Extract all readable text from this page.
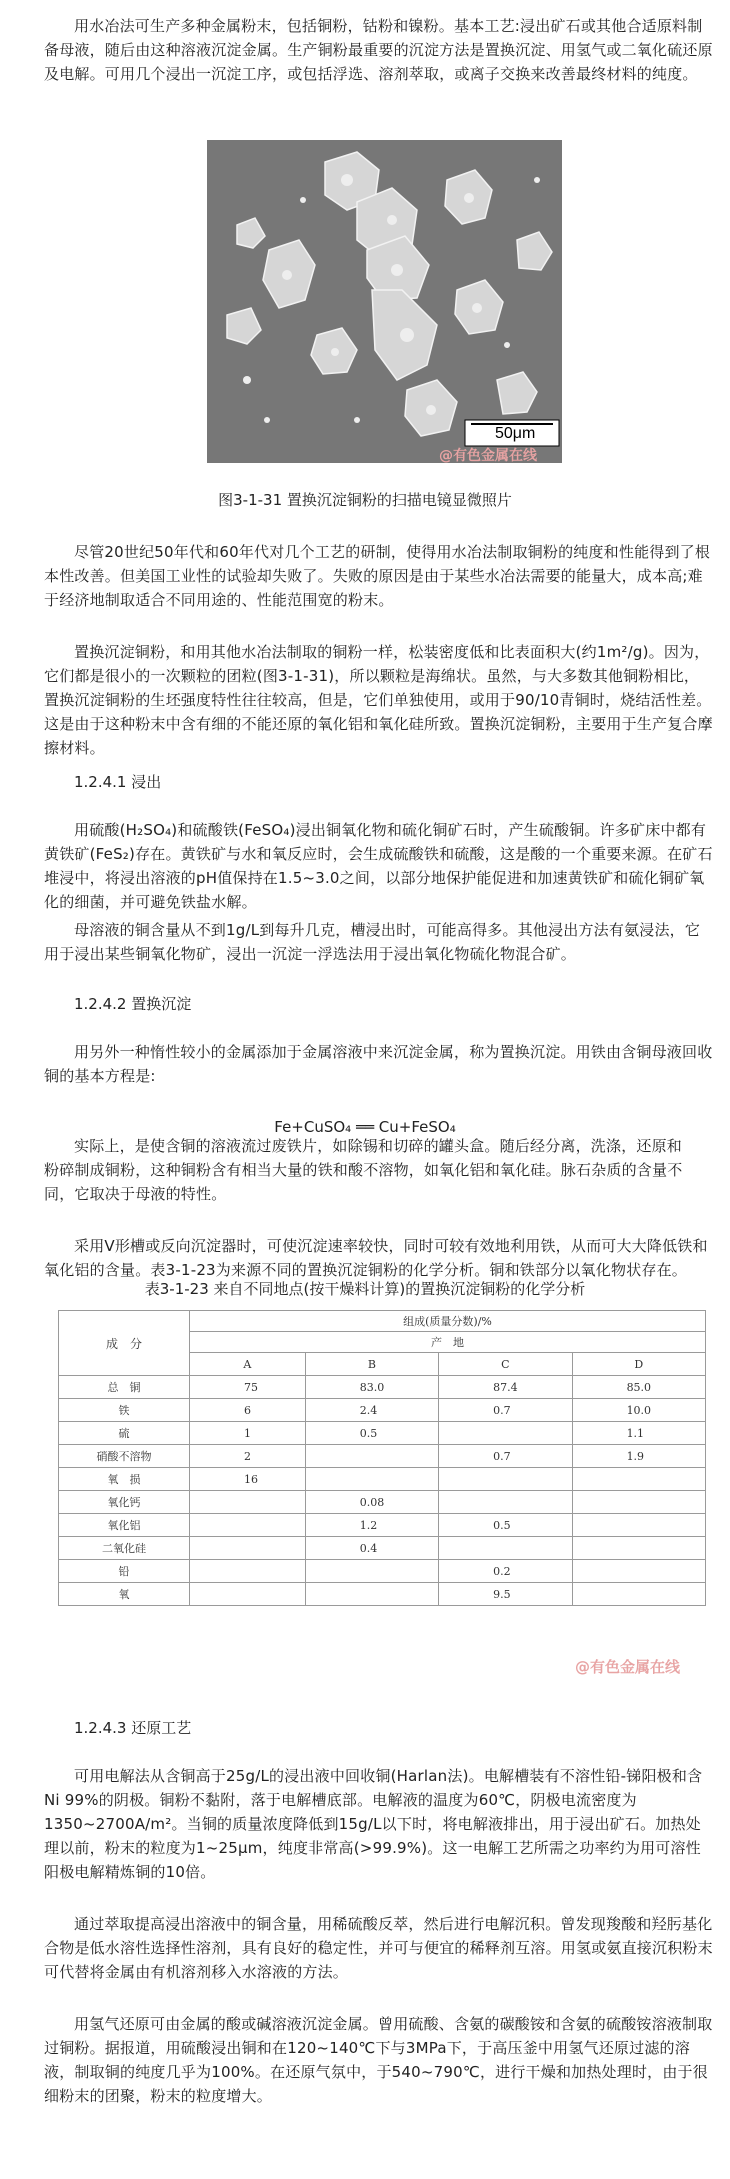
用水冶法可生产多种金属粉末，包括铜粉，钴粉和镍粉。基本工艺:浸出矿石或其他合适原料制备母液，随后由这种溶液沉淀金属。生产铜粉最重要的沉淀方法是置换沉淀、用氢气或二氧化硫还原及电解。可用几个浸出一沉淀工序，或包括浮选、溶剂萃取，或离子交换来改善最终材料的纯度。

50μm
@有色金属在线

图3-1-31 置换沉淀铜粉的扫描电镜显微照片

尽管20世纪50年代和60年代对几个工艺的研制，使得用水冶法制取铜粉的纯度和性能得到了根本性改善。但美国工业性的试验却失败了。失败的原因是由于某些水冶法需要的能量大，成本高;难于经济地制取适合不同用途的、性能范围宽的粉末。

置换沉淀铜粉，和用其他水冶法制取的铜粉一样，松装密度低和比表面积大(约1m²/g)。因为，它们都是很小的一次颗粒的团粒(图3-1-31)，所以颗粒是海绵状。虽然，与大多数其他铜粉相比，置换沉淀铜粉的生坯强度特性往往较高，但是，它们单独使用，或用于90/10青铜时，烧结活性差。这是由于这种粉末中含有细的不能还原的氧化铝和氧化硅所致。置换沉淀铜粉，主要用于生产复合摩擦材料。

1.2.4.1 浸出

用硫酸(H₂SO₄)和硫酸铁(FeSO₄)浸出铜氧化物和硫化铜矿石时，产生硫酸铜。许多矿床中都有黄铁矿(FeS₂)存在。黄铁矿与水和氧反应时，会生成硫酸铁和硫酸，这是酸的一个重要来源。在矿石堆浸中，将浸出溶液的pH值保持在1.5~3.0之间，以部分地保护能促进和加速黄铁矿和硫化铜矿氧化的细菌，并可避免铁盐水解。

母溶液的铜含量从不到1g/L到每升几克，槽浸出时，可能高得多。其他浸出方法有氨浸法，它用于浸出某些铜氧化物矿，浸出一沉淀一浮选法用于浸出氧化物硫化物混合矿。

1.2.4.2 置换沉淀

用另外一种惰性较小的金属添加于金属溶液中来沉淀金属，称为置换沉淀。用铁由含铜母液回收铜的基本方程是:

Fe+CuSO₄ ══ Cu+FeSO₄

实际上，是使含铜的溶液流过废铁片，如除锡和切碎的罐头盒。随后经分离，洗涤，还原和粉碎制成铜粉，这种铜粉含有相当大量的铁和酸不溶物，如氧化铝和氧化硅。脉石杂质的含量不同，它取决于母液的特性。

采用V形槽或反向沉淀器时，可使沉淀速率较快，同时可较有效地利用铁，从而可大大降低铁和氧化铝的含量。表3-1-23为来源不同的置换沉淀铜粉的化学分析。铜和铁部分以氧化物状存在。

表3-1-23 来自不同地点(按干燥料计算)的置换沉淀铜粉的化学分析

成　分	组成(质量分数)/%			
	产　地			
	A	B	C	D
总　铜	75	83.0	87.4	85.0
铁	6	2.4	0.7	10.0
硫	1	0.5		1.1
硝酸不溶物	2		0.7	1.9
氧　损	16			
氧化钙		0.08		
氧化铝		1.2	0.5	
二氧化硅		0.4		
铅			0.2	
氧			9.5	
@有色金属在线

1.2.4.3 还原工艺

可用电解法从含铜高于25g/L的浸出液中回收铜(Harlan法)。电解槽装有不溶性铅-锑阳极和含Ni 99%的阴极。铜粉不黏附，落于电解槽底部。电解液的温度为60℃，阴极电流密度为1350~2700A/m²。当铜的质量浓度降低到15g/L以下时，将电解液排出，用于浸出矿石。加热处理以前，粉末的粒度为1~25μm，纯度非常高(>99.9%)。这一电解工艺所需之功率约为用可溶性阳极电解精炼铜的10倍。

通过萃取提高浸出溶液中的铜含量，用稀硫酸反萃，然后进行电解沉积。曾发现羧酸和羟肟基化合物是低水溶性选择性溶剂，具有良好的稳定性，并可与便宜的稀释剂互溶。用氢或氨直接沉积粉末可代替将金属由有机溶剂移入水溶液的方法。

用氢气还原可由金属的酸或碱溶液沉淀金属。曾用硫酸、含氨的碳酸铵和含氨的硫酸铵溶液制取过铜粉。据报道，用硫酸浸出铜和在120~140℃下与3MPa下，于高压釜中用氢气还原过滤的溶液，制取铜的纯度几乎为100%。在还原气氛中，于540~790℃，进行干燥和加热处理时，由于很细粉末的团聚，粉末的粒度增大。
